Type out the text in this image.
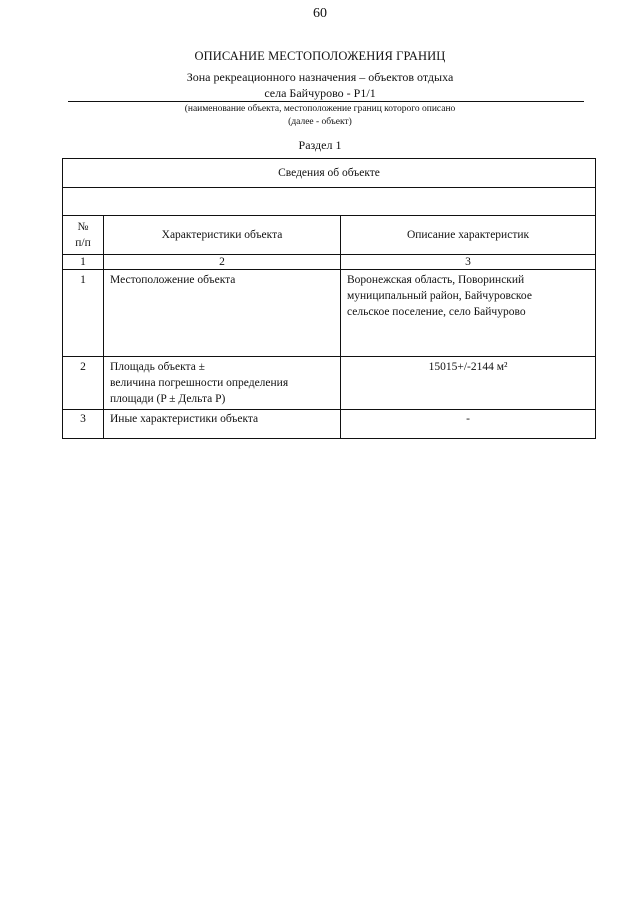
60
ОПИСАНИЕ МЕСТОПОЛОЖЕНИЯ ГРАНИЦ
Зона рекреационного назначения – объектов отдыха
села Байчурово - Р1/1
(наименование объекта, местоположение границ которого описано
(далее - объект)
Раздел 1
Сведения об объекте		

№
п/п	Характеристики объекта	Описание характеристик
1	2	3
1	Местоположение объекта	Воронежская область, Поворинский
муниципальный район, Байчуровское
сельское поселение, село Байчурово

2	Площадь объекта ±
величина погрешности определения
площади (P ± Дельта P)	15015+/-2144 м²
3	Иные характеристики объекта	-
